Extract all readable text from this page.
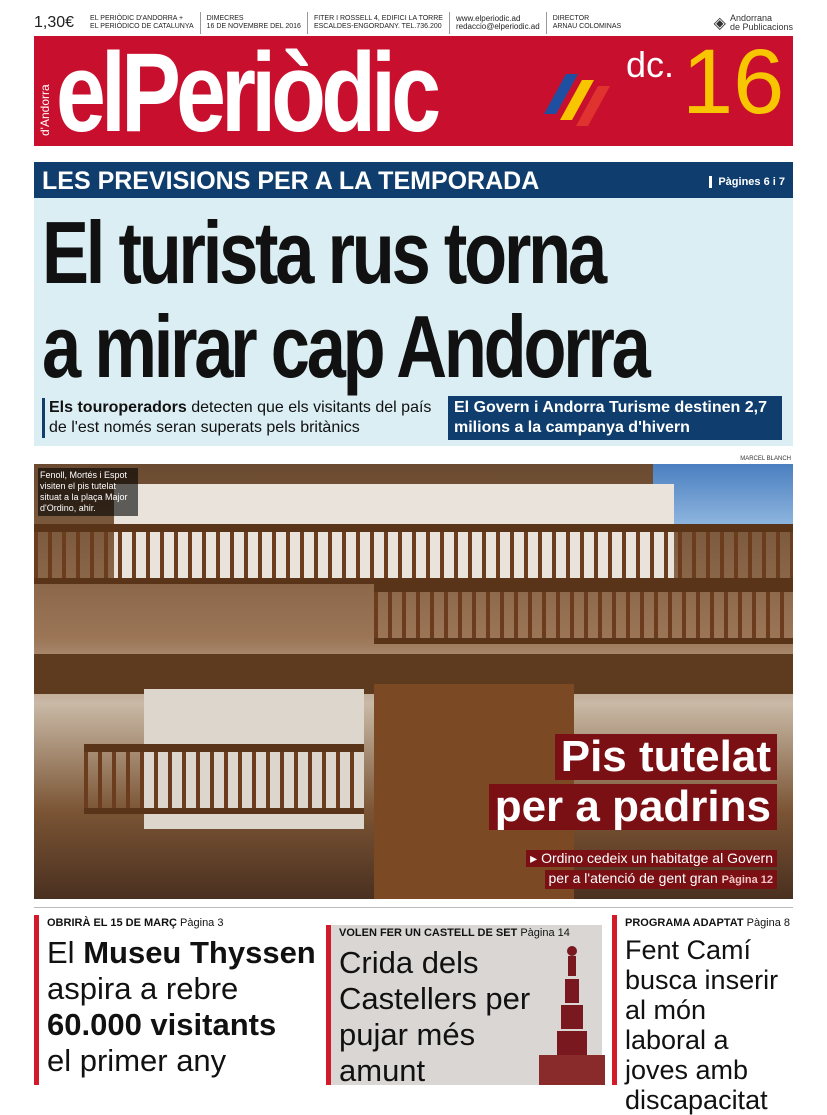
1,30€ EL PERIÒDIC D'ANDORRA +
EL PERIÓDICO DE CATALUNYA
DIMECRES
16 DE NOVEMBRE DEL 2016
FITER I ROSSELL 4, EDIFICI LA TORRE
ESCALDES-ENGORDANY. TEL.736.200
www.elperiodic.ad
redaccio@elperiodic.ad
DIRECTOR
ARNAU COLOMINAS	◈ Andorrana
de Publicacions
d'Andorra elPeriòdic	dc. 16
LES PREVISIONS PER A LA TEMPORADA	Pàgines 6 i 7
El turista rus torna
a mirar cap Andorra
Els touroperadors detecten que els visitants del país de l'est només seran superats pels britànics
El Govern i Andorra Turisme destinen 2,7 milions a la campanya d'hivern
MARCEL BLANCH
Fenoll, Mortés i Espot visiten el pis tutelat situat a la plaça Major d'Ordino, ahir.
Pis tutelat
per a padrins
▸ Ordino cedeix un habitatge al Govern
per a l'atenció de gent gran Pàgina 12
OBRIRÀ EL 15 DE MARÇ Pàgina 3
El Museu Thyssen
aspira a rebre
60.000 visitants
el primer any
VOLEN FER UN CASTELL DE SET Pàgina 14
Crida dels Castellers per pujar més amunt
PROGRAMA ADAPTAT Pàgina 8
Fent Camí busca inserir al món laboral a joves amb discapacitat
